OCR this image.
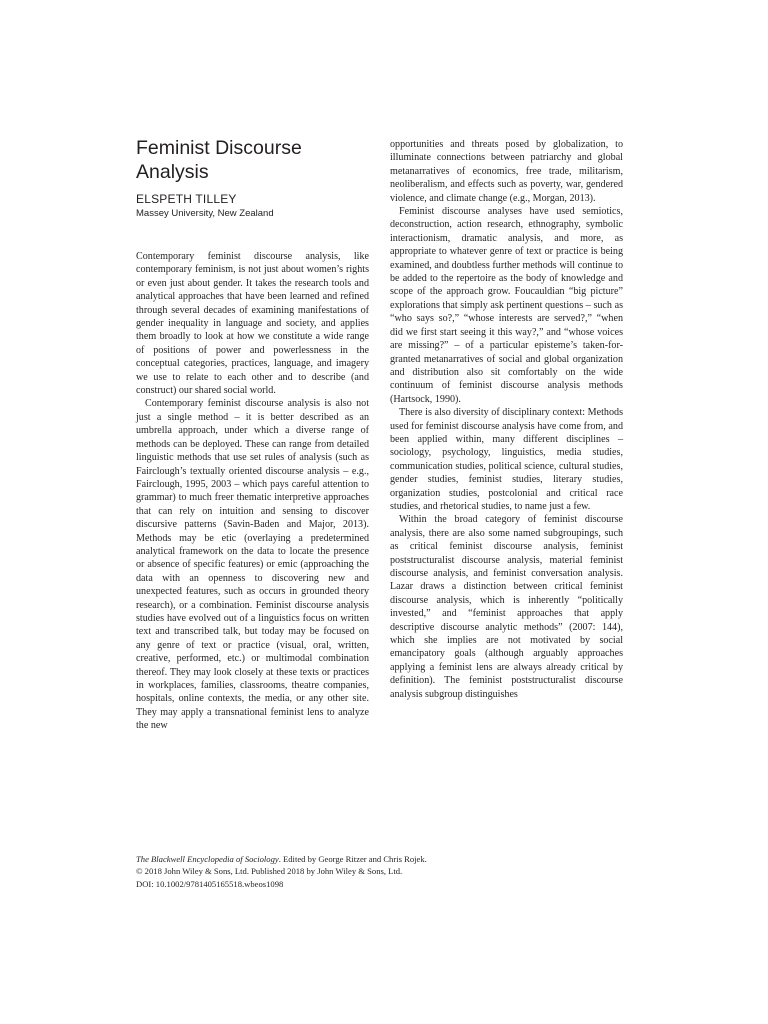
Feminist Discourse Analysis
ELSPETH TILLEY
Massey University, New Zealand

Contemporary feminist discourse analysis, like contemporary feminism, is not just about women’s rights or even just about gender. It takes the research tools and analytical approaches that have been learned and refined through several decades of examining manifestations of gender inequality in language and society, and applies them broadly to look at how we constitute a wide range of positions of power and powerlessness in the conceptual categories, practices, language, and imagery we use to relate to each other and to describe (and construct) our shared social world.

Contemporary feminist discourse analysis is also not just a single method – it is better described as an umbrella approach, under which a diverse range of methods can be deployed. These can range from detailed linguistic methods that use set rules of analysis (such as Fairclough’s textually oriented discourse analysis – e.g., Fairclough, 1995, 2003 – which pays careful attention to grammar) to much freer thematic interpretive approaches that can rely on intuition and sensing to discover discursive patterns (Savin-Baden and Major, 2013). Methods may be etic (overlaying a predetermined analytical framework on the data to locate the presence or absence of specific features) or emic (approaching the data with an openness to discovering new and unexpected features, such as occurs in grounded theory research), or a combination. Feminist discourse analysis studies have evolved out of a linguistics focus on written text and transcribed talk, but today may be focused on any genre of text or practice (visual, oral, written, creative, performed, etc.) or multimodal combination thereof. They may look closely at these texts or practices in workplaces, families, classrooms, theatre companies, hospitals, online contexts, the media, or any other site. They may apply a transnational feminist lens to analyze the new

opportunities and threats posed by globalization, to illuminate connections between patriarchy and global metanarratives of economics, free trade, militarism, neoliberalism, and effects such as poverty, war, gendered violence, and climate change (e.g., Morgan, 2013).

Feminist discourse analyses have used semiotics, deconstruction, action research, ethnography, symbolic interactionism, dramatic analysis, and more, as appropriate to whatever genre of text or practice is being examined, and doubtless further methods will continue to be added to the repertoire as the body of knowledge and scope of the approach grow. Foucauldian “big picture” explorations that simply ask pertinent questions – such as “who says so?,” “whose interests are served?,” “when did we first start seeing it this way?,” and “whose voices are missing?” – of a particular episteme’s taken-for-granted metanarratives of social and global organization and distribution also sit comfortably on the wide continuum of feminist discourse analysis methods (Hartsock, 1990).

There is also diversity of disciplinary context: Methods used for feminist discourse analysis have come from, and been applied within, many different disciplines – sociology, psychology, linguistics, media studies, communication studies, political science, cultural studies, gender studies, feminist studies, literary studies, organization studies, postcolonial and critical race studies, and rhetorical studies, to name just a few.

Within the broad category of feminist discourse analysis, there are also some named subgroupings, such as critical feminist discourse analysis, feminist poststructuralist discourse analysis, material feminist discourse analysis, and feminist conversation analysis. Lazar draws a distinction between critical feminist discourse analysis, which is inherently “politically invested,” and “feminist approaches that apply descriptive discourse analytic methods” (2007: 144), which she implies are not motivated by social emancipatory goals (although arguably approaches applying a feminist lens are always already critical by definition). The feminist poststructuralist discourse analysis subgroup distinguishes

The Blackwell Encyclopedia of Sociology. Edited by George Ritzer and Chris Rojek.
© 2018 John Wiley & Sons, Ltd. Published 2018 by John Wiley & Sons, Ltd.
DOI: 10.1002/9781405165518.wbeos1098
